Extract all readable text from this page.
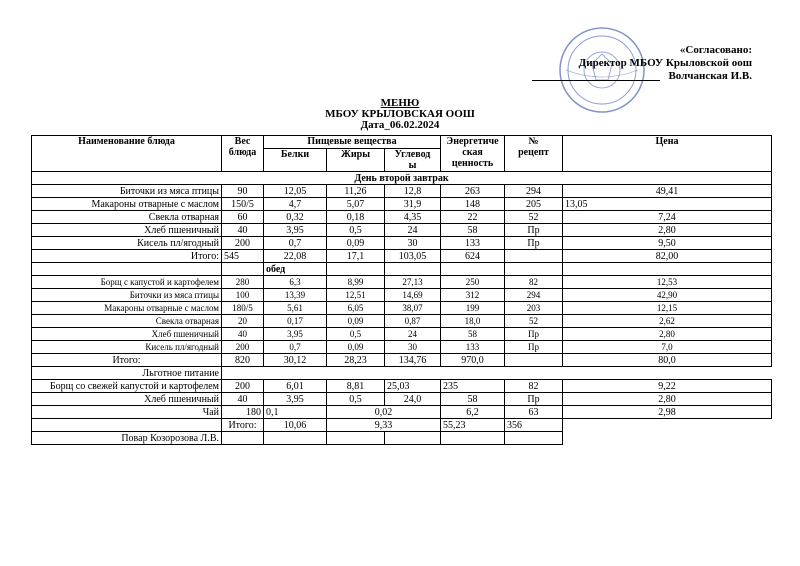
«Согласовано:

Директор МБОУ Крыловской оош
Волчанская И.В.
МЕНЮ
МБОУ КРЫЛОВСКАЯ ООШ
Дата_06.02.2024
Наименование блюда	Вес
блюда	Пищевые вещества			Энергетиче
ская
ценность	№
рецепт	Цена
		Белки	Жиры	Углевод
ы			

День второй завтрак							
Биточки из мяса птицы	90	12,05	11,26	12,8	263	294	49,41
Макароны отварные с маслом	150/5	4,7	5,07	31,9	148	205	13,05
Свекла отварная	60	0,32	0,18	4,35	22	52	7,24
Хлеб пшеничный	40	3,95	0,5	24	58	Пр	2,80
Кисель пл/ягодный	200	0,7	0,09	30	133	Пр	9,50
Итого:	545	22,08	17,1	103,05	624		82,00
		обед					
Борщ с капустой и картофелем	280	6,3	8,99	27,13	250	82	12,53
Биточки из мяса птицы	100	13,39	12,51	14,69	312	294	42,90
Макароны отварные с маслом	180/5	5,61	6,05	38,07	199	203	12,15
Свекла отварная	20	0,17	0,09	0,87	18,0	52	2,62
Хлеб пшеничный	40	3,95	0,5	24	58	Пр	2,80
Кисель пл/ягодный	200	0,7	0,09	30	133	Пр	7,0
Итого:	820	30,12	28,23	134,76	970,0		80,0
Льготное питание							
Борщ со свежей капустой и картофелем	200	6,01	8,81	25,03	235	82	9,22
Хлеб пшеничный	40	3,95	0,5	24,0	58	Пр	2,80
Чай	180	0,1	0,02		6,2	63	2,98
	Итого:	10,06	9,33		55,23	356	
Повар Козорозова Л.В.							
